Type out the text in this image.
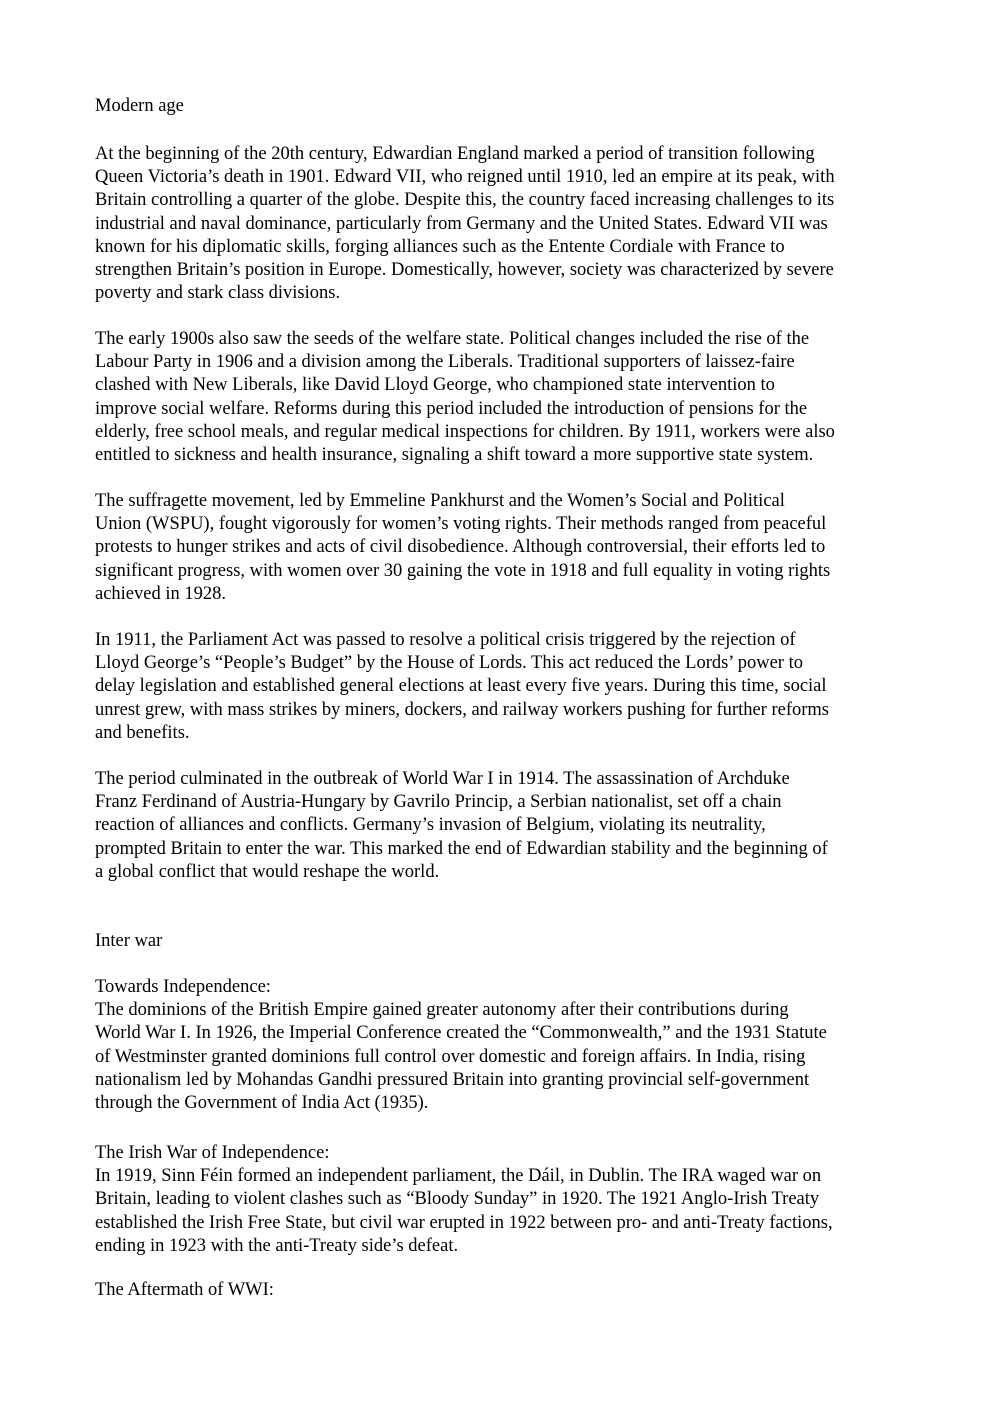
Modern age

At the beginning of the 20th century, Edwardian England marked a period of transition following

Queen Victoria’s death in 1901. Edward VII, who reigned until 1910, led an empire at its peak, with

Britain controlling a quarter of the globe. Despite this, the country faced increasing challenges to its

industrial and naval dominance, particularly from Germany and the United States. Edward VII was

known for his diplomatic skills, forging alliances such as the Entente Cordiale with France to

strengthen Britain’s position in Europe. Domestically, however, society was characterized by severe

poverty and stark class divisions.

The early 1900s also saw the seeds of the welfare state. Political changes included the rise of the

Labour Party in 1906 and a division among the Liberals. Traditional supporters of laissez-faire

clashed with New Liberals, like David Lloyd George, who championed state intervention to

improve social welfare. Reforms during this period included the introduction of pensions for the

elderly, free school meals, and regular medical inspections for children. By 1911, workers were also

entitled to sickness and health insurance, signaling a shift toward a more supportive state system.

The suffragette movement, led by Emmeline Pankhurst and the Women’s Social and Political

Union (WSPU), fought vigorously for women’s voting rights. Their methods ranged from peaceful

protests to hunger strikes and acts of civil disobedience. Although controversial, their efforts led to

significant progress, with women over 30 gaining the vote in 1918 and full equality in voting rights

achieved in 1928.

In 1911, the Parliament Act was passed to resolve a political crisis triggered by the rejection of

Lloyd George’s “People’s Budget” by the House of Lords. This act reduced the Lords’ power to

delay legislation and established general elections at least every five years. During this time, social

unrest grew, with mass strikes by miners, dockers, and railway workers pushing for further reforms

and benefits.

The period culminated in the outbreak of World War I in 1914. The assassination of Archduke

Franz Ferdinand of Austria-Hungary by Gavrilo Princip, a Serbian nationalist, set off a chain

reaction of alliances and conflicts. Germany’s invasion of Belgium, violating its neutrality,

prompted Britain to enter the war. This marked the end of Edwardian stability and the beginning of

a global conflict that would reshape the world.

Inter war

Towards Independence:

The dominions of the British Empire gained greater autonomy after their contributions during

World War I. In 1926, the Imperial Conference created the “Commonwealth,” and the 1931 Statute

of Westminster granted dominions full control over domestic and foreign affairs. In India, rising

nationalism led by Mohandas Gandhi pressured Britain into granting provincial self-government

through the Government of India Act (1935).

The Irish War of Independence:

In 1919, Sinn Féin formed an independent parliament, the Dáil, in Dublin. The IRA waged war on

Britain, leading to violent clashes such as “Bloody Sunday” in 1920. The 1921 Anglo-Irish Treaty

established the Irish Free State, but civil war erupted in 1922 between pro- and anti-Treaty factions,

ending in 1923 with the anti-Treaty side’s defeat.

The Aftermath of WWI:
